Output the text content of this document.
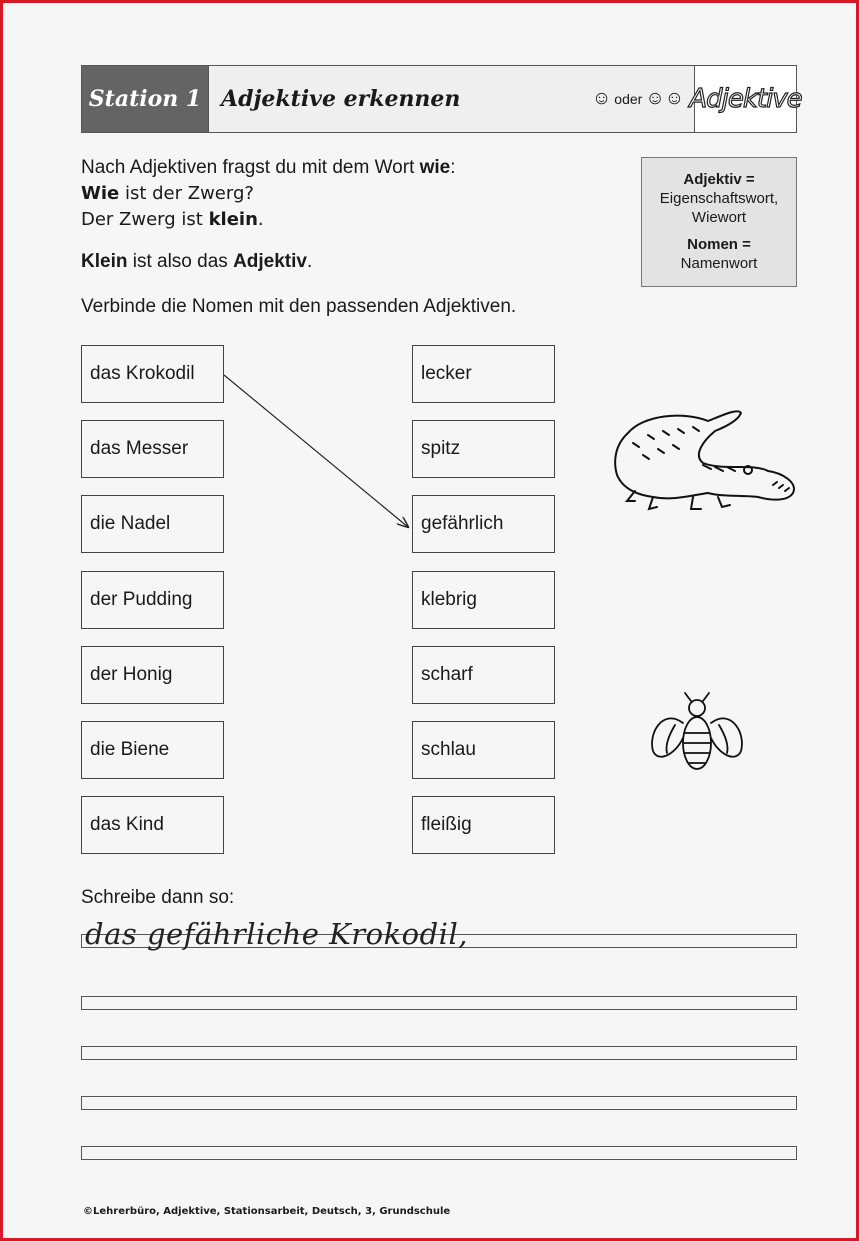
Station 1 Adjektive erkennen	☺ oder ☺☺ Adjektive
Nach Adjektiven fragst du mit dem Wort wie:
Wie ist der Zwerg?
Der Zwerg ist klein.
Klein ist also das Adjektiv.
Adjektiv =
Eigenschaftswort,
Wiewort
Nomen =
Namenwort
Verbinde die Nomen mit den passenden Adjektiven.
das Krokodil
das Messer
die Nadel
der Pudding
der Honig
die Biene
das Kind
lecker
spitz
gefährlich
klebrig
scharf
schlau
fleißig
Schreibe dann so:
das gefährliche Krokodil,
©Lehrerbüro, Adjektive, Stationsarbeit, Deutsch, 3, Grundschule
